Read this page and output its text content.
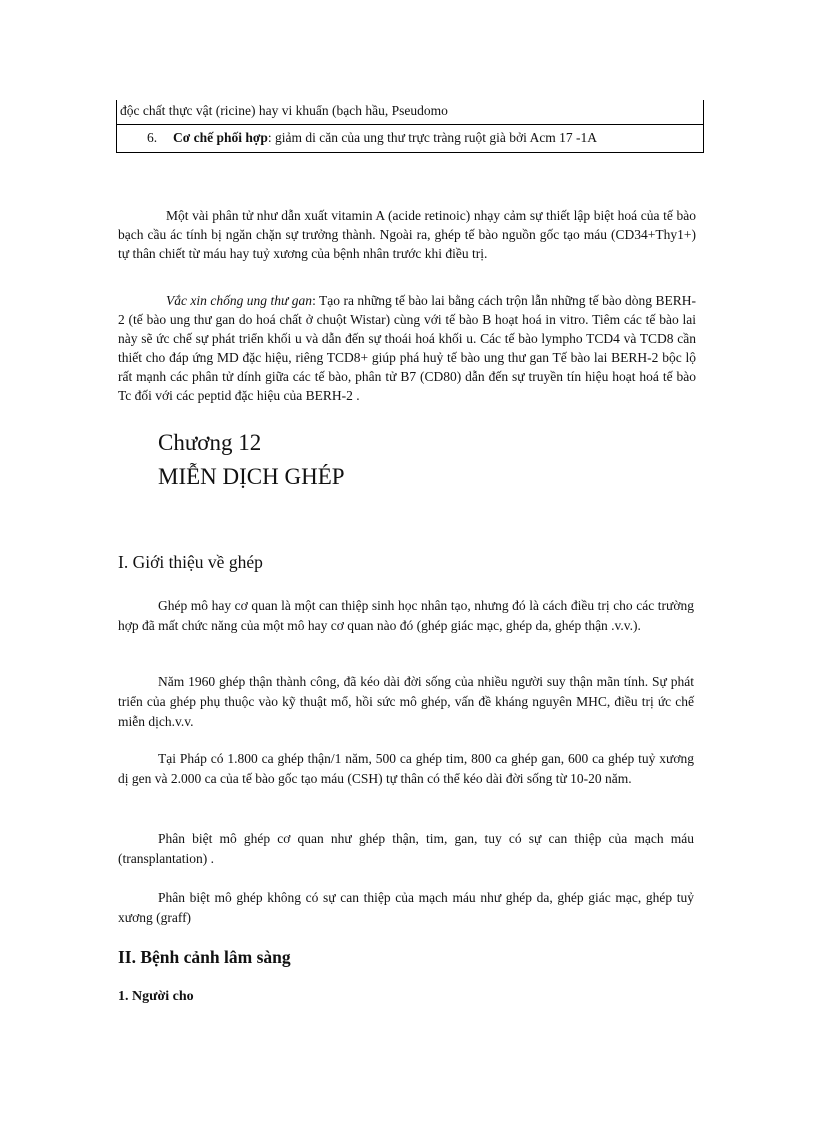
độc chất thực vật (ricine) hay vi khuẩn (bạch hầu, Pseudomo
6. Cơ chế phối hợp: giảm di căn của ung thư trực tràng ruột già bởi Acm 17 -1A
Một vài phân tử như dẫn xuất vitamin A (acide retinoic) nhạy cảm sự thiết lập biệt hoá của tế bào bạch cầu ác tính bị ngăn chặn sự trưởng thành. Ngoài ra, ghép tế bào nguồn gốc tạo máu (CD34+Thy1+) tự thân chiết từ máu hay tuỷ xương của bệnh nhân trước khi điều trị.
Vắc xin chống ung thư gan: Tạo ra những tế bào lai bằng cách trộn lẫn những tế bào dòng BERH-2 (tế bào ung thư gan do hoá chất ở chuột Wistar) cùng với tế bào B hoạt hoá in vitro. Tiêm các tế bào lai này sẽ ức chế sự phát triển khối u và dẫn đến sự thoái hoá khối u. Các tế bào lympho TCD4 và TCD8 cần thiết cho đáp ứng MD đặc hiệu, riêng TCD8+ giúp phá huỷ tế bào ung thư gan Tế bào lai BERH-2 bộc lộ rất mạnh các phân tử dính giữa các tế bào, phân tử B7 (CD80) dẫn đến sự truyền tín hiệu hoạt hoá tế bào Tc đối với các peptid đặc hiệu của BERH-2 .
Chương 12
MIỄN DỊCH GHÉP
I. Giới thiệu về ghép
Ghép mô hay cơ quan là một can thiệp sinh học nhân tạo, nhưng đó là cách điều trị cho các trường hợp đã mất chức năng của một mô hay cơ quan nào đó (ghép giác mạc, ghép da, ghép thận .v.v.).
Năm 1960 ghép thận thành công, đã kéo dài đời sống của nhiều người suy thận mãn tính. Sự phát triển của ghép phụ thuộc vào kỹ thuật mổ, hồi sức mô ghép, vấn đề kháng nguyên MHC, điều trị ức chế miễn dịch.v.v.
Tại Pháp có 1.800 ca ghép thận/1 năm, 500 ca ghép tim, 800 ca ghép gan, 600 ca ghép tuỷ xương dị gen và 2.000 ca của tế bào gốc tạo máu (CSH) tự thân có thể kéo dài đời sống từ 10-20 năm.
Phân biệt mô ghép cơ quan như ghép thận, tim, gan, tuy có sự can thiệp của mạch máu (transplantation) .
Phân biệt mô ghép không có sự can thiệp của mạch máu như ghép da, ghép giác mạc, ghép tuỷ xương (graff)
II. Bệnh cảnh lâm sàng
1. Người cho
